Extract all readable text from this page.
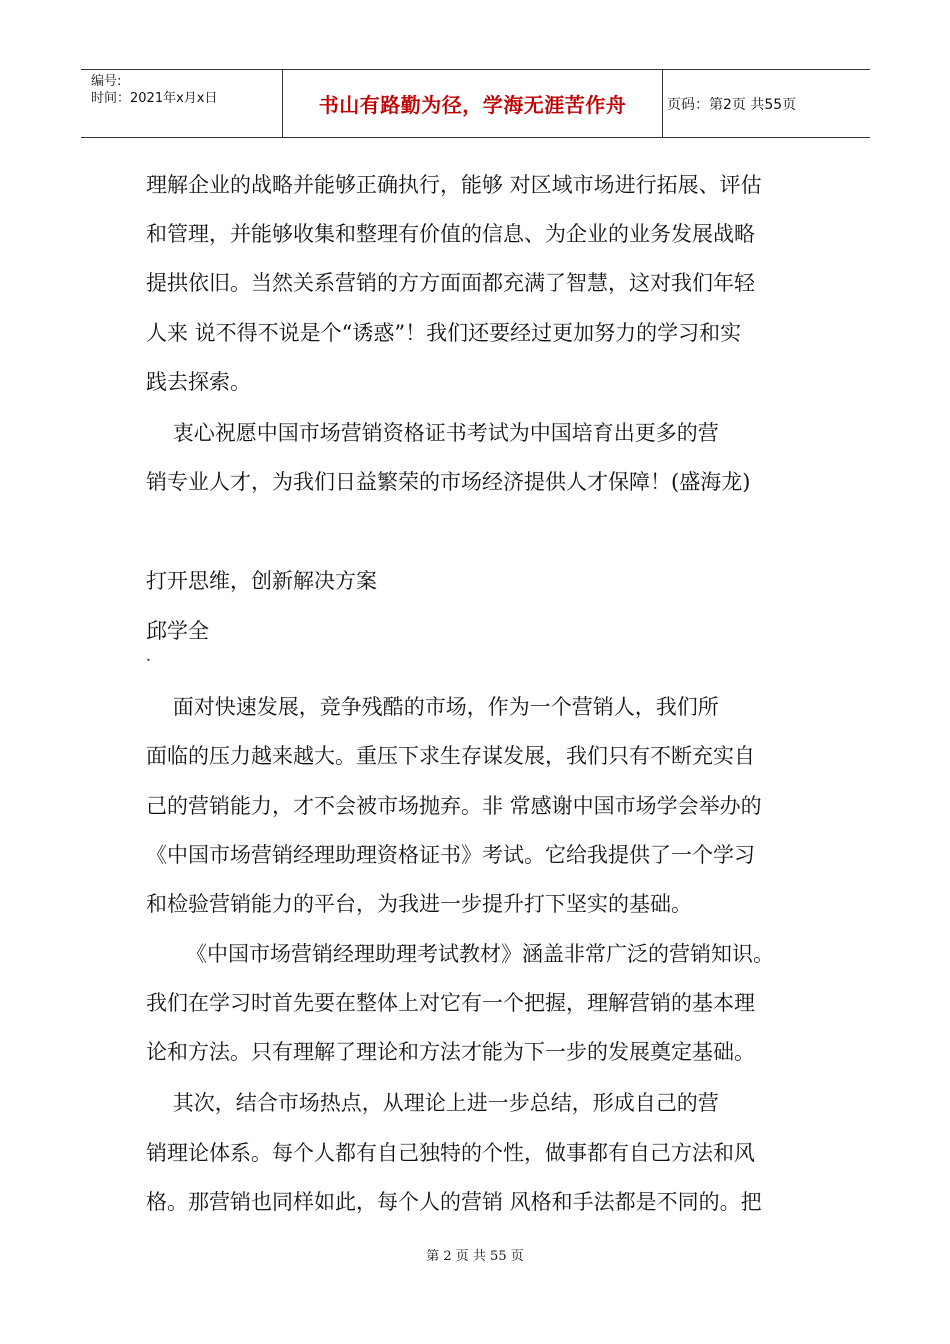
编号:
时间：2021年x月x日	书山有路勤为径，学海无涯苦作舟	页码：第2页 共55页
理解企业的战略并能够正确执行，能够 对区域市场进行拓展、评估
和管理，并能够收集和整理有价值的信息、为企业的业务发展战略
提拱依旧。当然关系营销的方方面面都充满了智慧，这对我们年轻
人来 说不得不说是个“诱惑”！我们还要经过更加努力的学习和实
践去探索。
衷心祝愿中国市场营销资格证书考试为中国培育出更多的营
销专业人才，为我们日益繁荣的市场经济提供人才保障！(盛海龙)
打开思维，创新解决方案
邱学全
•
面对快速发展，竞争残酷的市场，作为一个营销人，我们所
面临的压力越来越大。重压下求生存谋发展，我们只有不断充实自
己的营销能力，才不会被市场抛弃。非 常感谢中国市场学会举办的
《中国市场营销经理助理资格证书》考试。它给我提供了一个学习
和检验营销能力的平台，为我进一步提升打下坚实的基础。
《中国市场营销经理助理考试教材》涵盖非常广泛的营销知识。
我们在学习时首先要在整体上对它有一个把握，理解营销的基本理
论和方法。只有理解了理论和方法才能为下一步的发展奠定基础。
其次，结合市场热点，从理论上进一步总结，形成自己的营
销理论体系。每个人都有自己独特的个性，做事都有自己方法和风
格。那营销也同样如此，每个人的营销 风格和手法都是不同的。把
第 2 页 共 55 页
